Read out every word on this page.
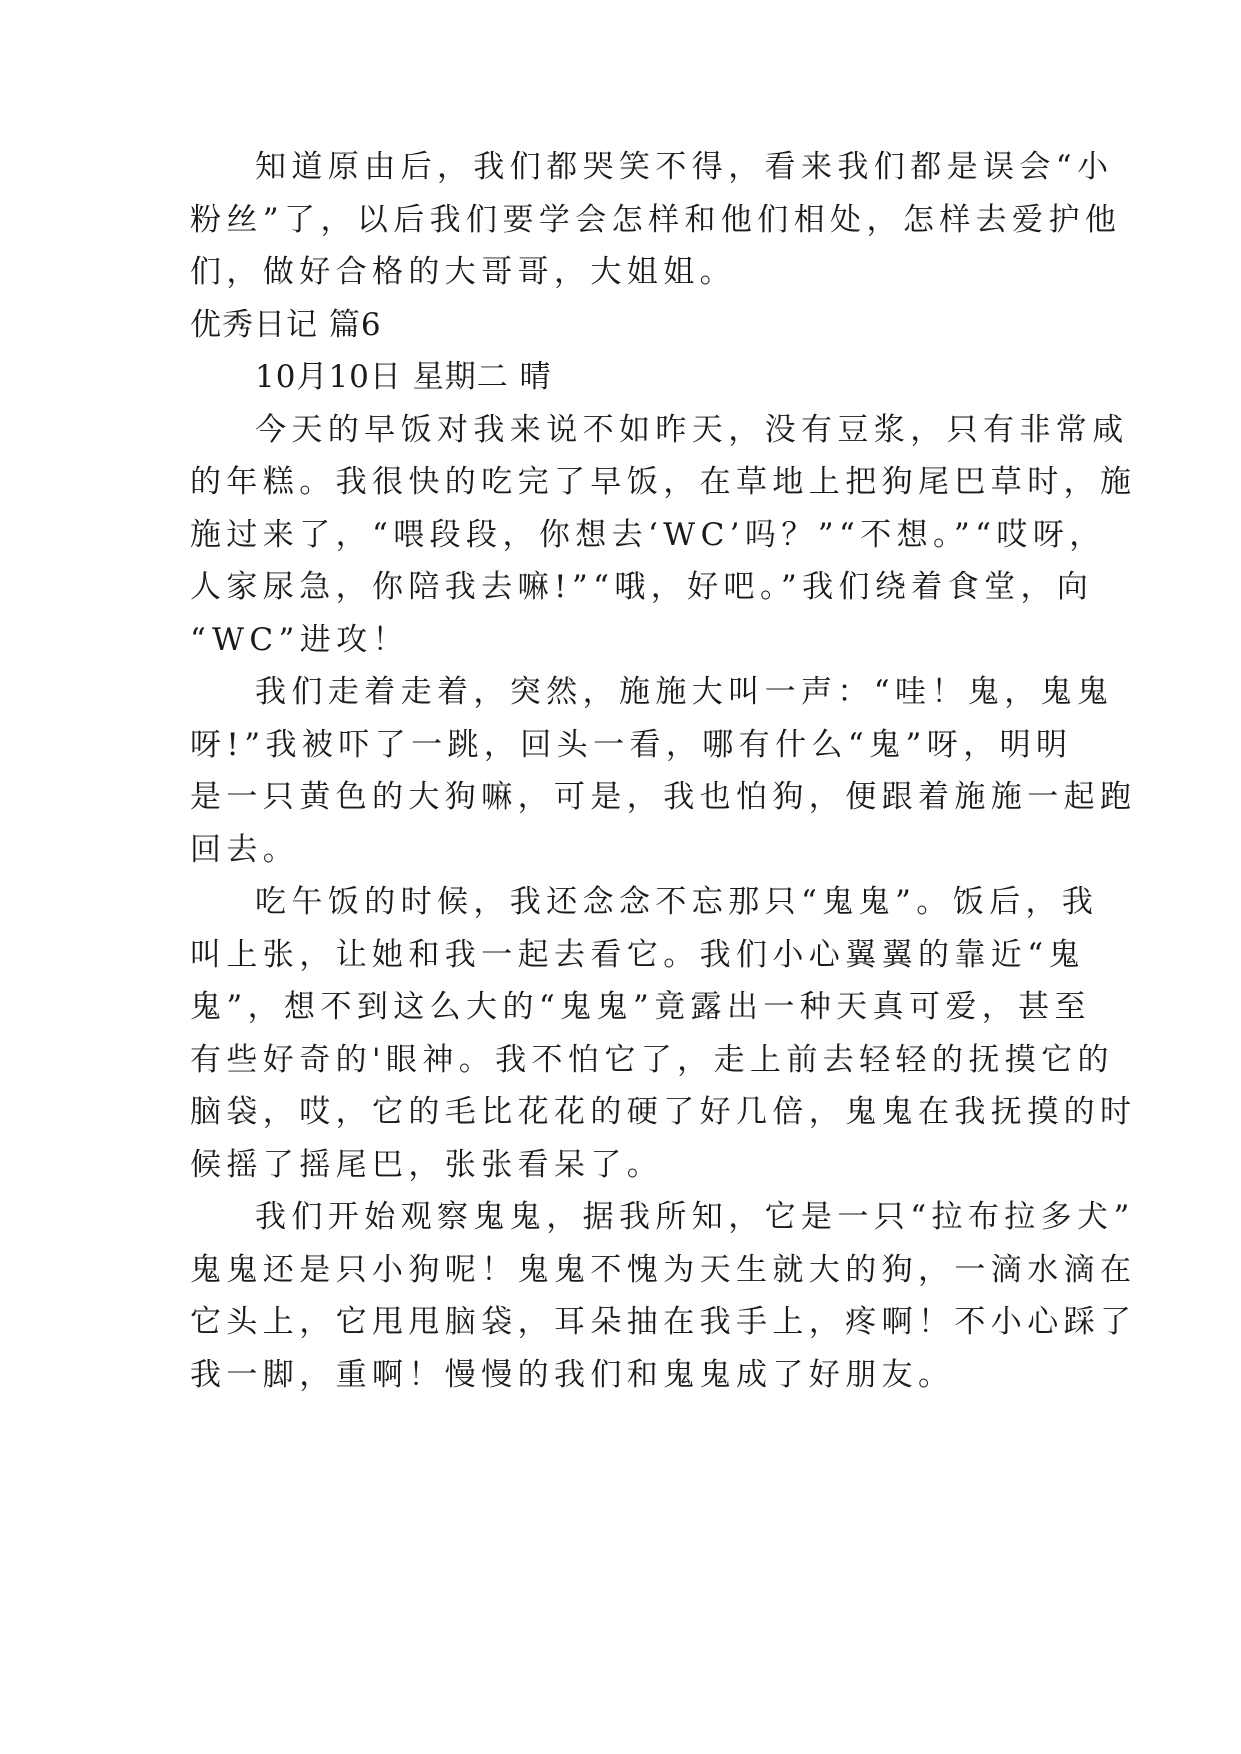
知道原由后，我们都哭笑不得，看来我们都是误会“小
粉丝”了，以后我们要学会怎样和他们相处，怎样去爱护他
们，做好合格的大哥哥，大姐姐。
优秀日记 篇6
10月10日 星期二 晴
今天的早饭对我来说不如昨天，没有豆浆，只有非常咸
的年糕。我很快的吃完了早饭，在草地上把狗尾巴草时，施
施过来了，“喂段段，你想去‘WC’吗？”“不想。”“哎呀，
人家尿急，你陪我去嘛!”“哦，好吧。”我们绕着食堂，向
“WC”进攻！
我们走着走着，突然，施施大叫一声：“哇！鬼，鬼鬼
呀!”我被吓了一跳，回头一看，哪有什么“鬼”呀，明明
是一只黄色的大狗嘛，可是，我也怕狗，便跟着施施一起跑
回去。
吃午饭的时候，我还念念不忘那只“鬼鬼”。饭后，我
叫上张，让她和我一起去看它。我们小心翼翼的靠近“鬼
鬼”，想不到这么大的“鬼鬼”竟露出一种天真可爱，甚至
有些好奇的'眼神。我不怕它了，走上前去轻轻的抚摸它的
脑袋，哎，它的毛比花花的硬了好几倍，鬼鬼在我抚摸的时
候摇了摇尾巴，张张看呆了。
我们开始观察鬼鬼，据我所知，它是一只“拉布拉多犬”
鬼鬼还是只小狗呢！鬼鬼不愧为天生就大的狗，一滴水滴在
它头上，它甩甩脑袋，耳朵抽在我手上，疼啊！不小心踩了
我一脚，重啊！慢慢的我们和鬼鬼成了好朋友。
